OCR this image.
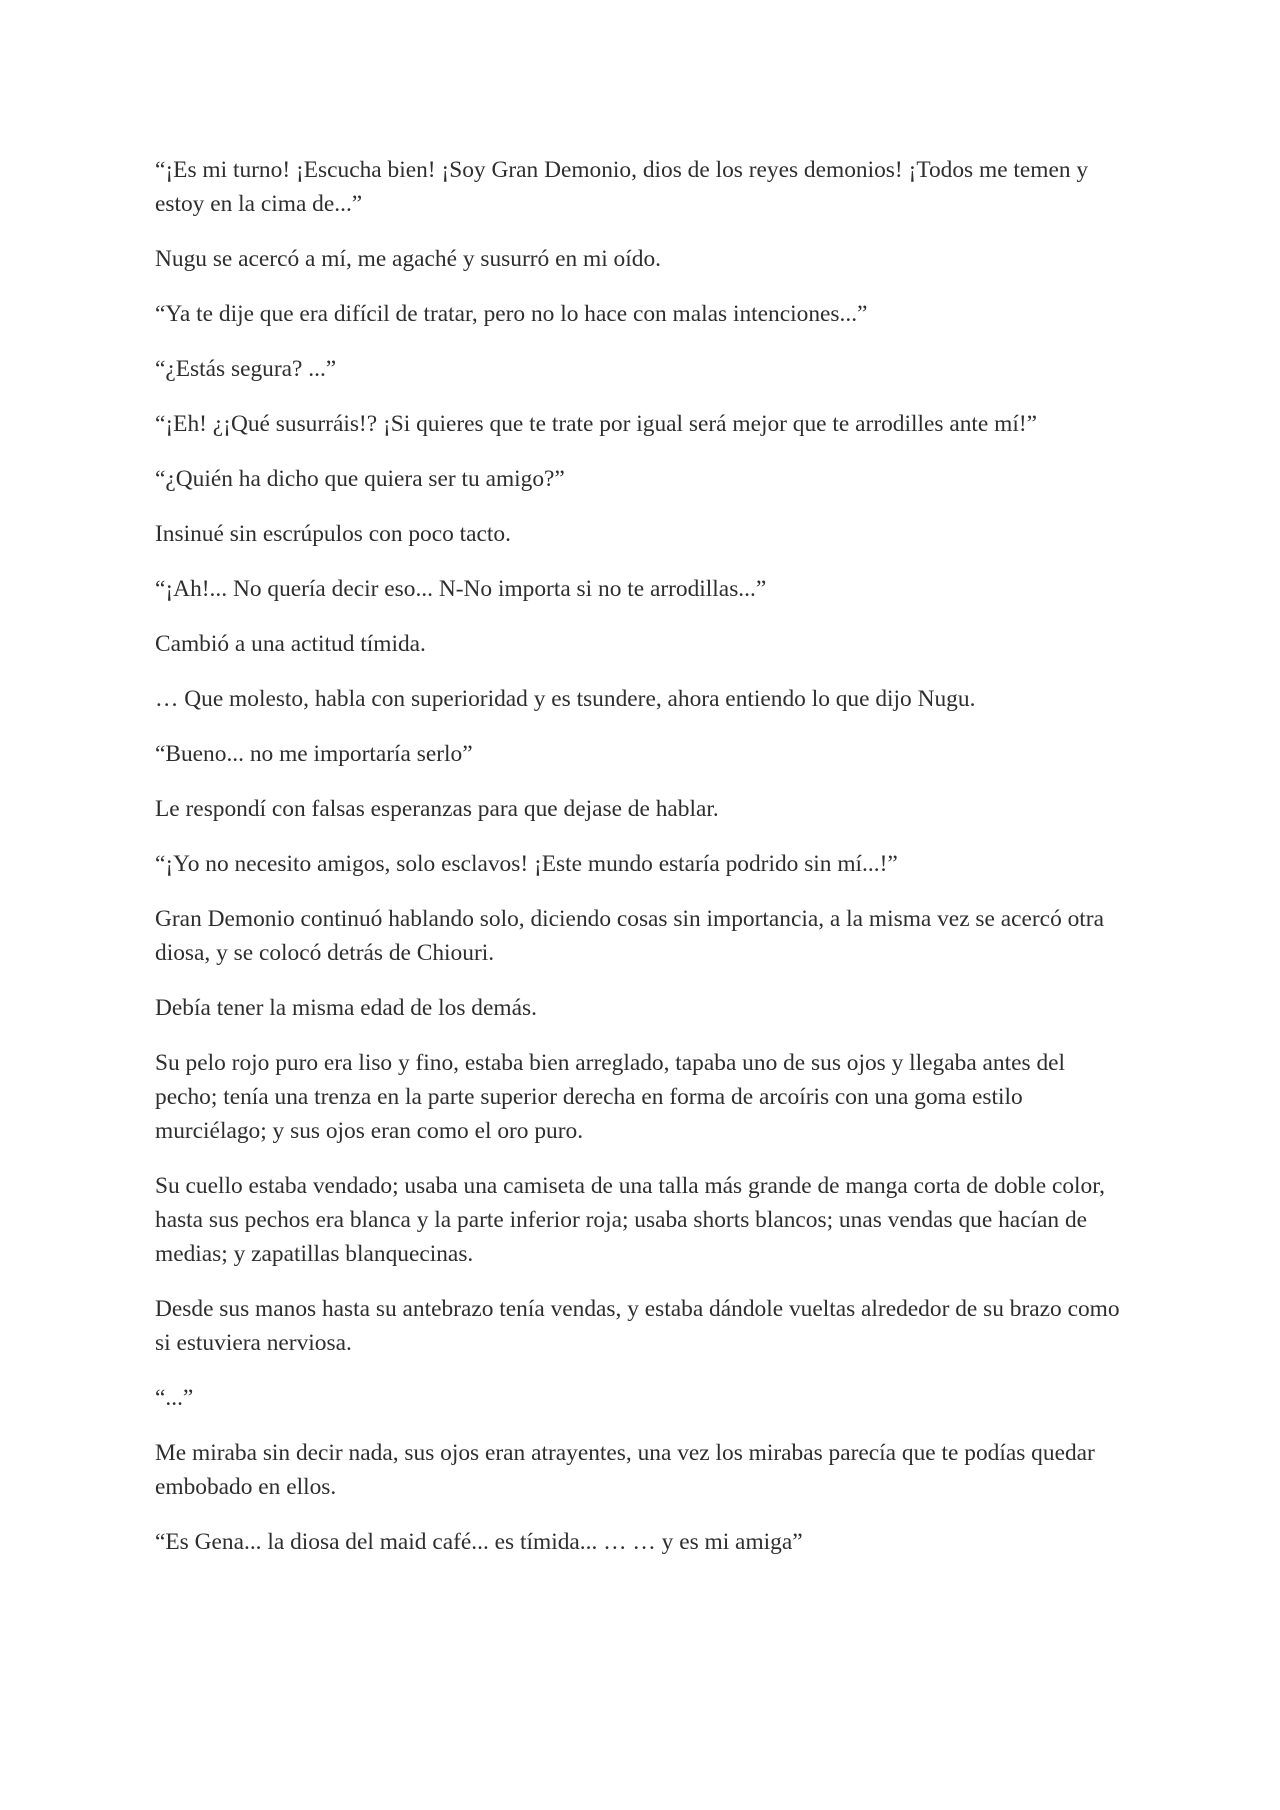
“¡Es mi turno! ¡Escucha bien! ¡Soy Gran Demonio, dios de los reyes demonios! ¡Todos me temen y estoy en la cima de...”

Nugu se acercó a mí, me agaché y susurró en mi oído.

“Ya te dije que era difícil de tratar, pero no lo hace con malas intenciones...”

“¿Estás segura? ...”

“¡Eh! ¿¡Qué susurráis!? ¡Si quieres que te trate por igual será mejor que te arrodilles ante mí!”

“¿Quién ha dicho que quiera ser tu amigo?”

Insinué sin escrúpulos con poco tacto.

“¡Ah!... No quería decir eso... N-No importa si no te arrodillas...”

Cambió a una actitud tímida.

… Que molesto, habla con superioridad y es tsundere, ahora entiendo lo que dijo Nugu.

“Bueno... no me importaría serlo”

Le respondí con falsas esperanzas para que dejase de hablar.

“¡Yo no necesito amigos, solo esclavos! ¡Este mundo estaría podrido sin mí...!”

Gran Demonio continuó hablando solo, diciendo cosas sin importancia, a la misma vez se acercó otra diosa, y se colocó detrás de Chiouri.

Debía tener la misma edad de los demás.

Su pelo rojo puro era liso y fino, estaba bien arreglado, tapaba uno de sus ojos y llegaba antes del pecho; tenía una trenza en la parte superior derecha en forma de arcoíris con una goma estilo murciélago; y sus ojos eran como el oro puro.

Su cuello estaba vendado; usaba una camiseta de una talla más grande de manga corta de doble color, hasta sus pechos era blanca y la parte inferior roja; usaba shorts blancos; unas vendas que hacían de medias; y zapatillas blanquecinas.

Desde sus manos hasta su antebrazo tenía vendas, y estaba dándole vueltas alrededor de su brazo como si estuviera nerviosa.

“...”

Me miraba sin decir nada, sus ojos eran atrayentes, una vez los mirabas parecía que te podías quedar embobado en ellos.

“Es Gena... la diosa del maid café... es tímida... … … y es mi amiga”
